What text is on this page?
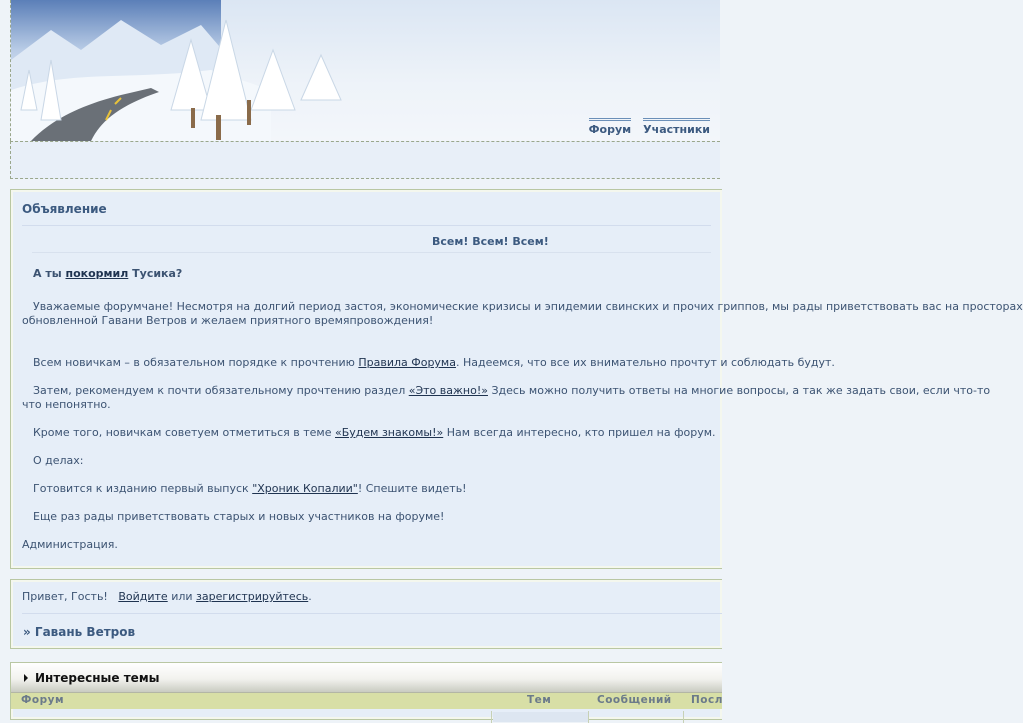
Форум Участники
Объявление
Всем! Всем! Всем!
А ты покормил Тусика?
Уважаемые форумчане! Несмотря на долгий период застоя, экономические кризисы и эпидемии свинских и прочих гриппов, мы рады приветствовать вас на просторах
обновленной Гавани Ветров и желаем приятного времяпровождения!
Всем новичкам – в обязательном порядке к прочтению Правила Форума. Надеемся, что все их внимательно прочтут и соблюдать будут.
Затем, рекомендуем к почти обязательному прочтению раздел «Это важно!» Здесь можно получить ответы на многие вопросы, а так же задать свои, если что-то
что непонятно.
Кроме того, новичкам советуем отметиться в теме «Будем знакомы!» Нам всегда интересно, кто пришел на форум.
О делах:
Готовится к изданию первый выпуск "Хроник Копалии"! Спешите видеть!
Еще раз рады приветствовать старых и новых участников на форуме!
Администрация.
Привет, Гость! Войдите или зарегистрируйтесь.
» Гавань Ветров
Интересные темы
Форум	Тем	Сообщений Посл
